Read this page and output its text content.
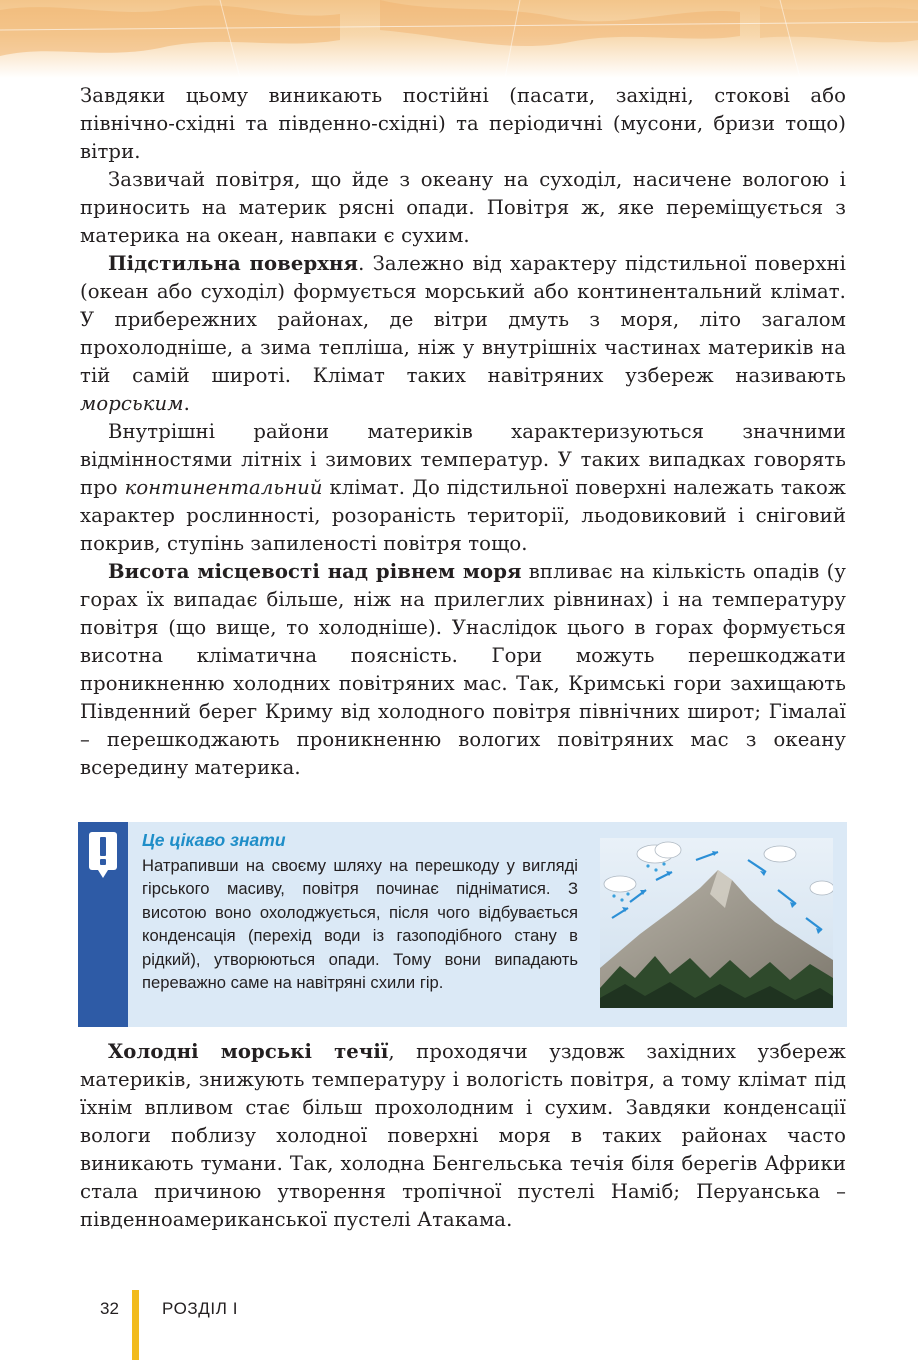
Завдяки цьому виникають постійні (пасати, західні, стокові або північно-східні та південно-східні) та періодичні (мусони, бризи тощо) вітри.

Зазвичай повітря, що йде з океану на суходіл, насичене вологою і приносить на материк рясні опади. Повітря ж, яке переміщується з материка на океан, навпаки є сухим.

Підстильна поверхня. Залежно від характеру підстильної поверхні (океан або суходіл) формується морський або континентальний клімат. У прибережних районах, де вітри дмуть з моря, літо загалом прохолодніше, а зима тепліша, ніж у внутрішніх частинах материків на тій самій широті. Клімат таких навітряних узбереж називають морським.

Внутрішні райони материків характеризуються значними відмінностями літніх і зимових температур. У таких випадках говорять про континентальний клімат. До підстильної поверхні належать також характер рослинності, розораність території, льодовиковий і сніговий покрив, ступінь запиленості повітря тощо.

Висота місцевості над рівнем моря впливає на кількість опадів (у горах їх випадає більше, ніж на прилеглих рівнинах) і на температуру повітря (що вище, то холодніше). Унаслідок цього в горах формується висотна кліматична поясність. Гори можуть перешкоджати проникненню холодних повітряних мас. Так, Кримські гори захищають Південний берег Криму від холодного повітря північних широт; Гімалаї – перешкоджають проникненню вологих повітряних мас з океану всередину материка.

Це цікаво знати
Натрапивши на своєму шляху на перешкоду у вигляді гірського масиву, повітря починає підніматися. З висотою воно охолоджується, після чого відбувається конденсація (перехід води із газоподібного стану в рідкий), утворюються опади. Тому вони випадають переважно саме на навітряні схили гір.

Холодні морські течії, проходячи уздовж західних узбереж материків, знижують температуру і вологість повітря, а тому клімат під їхнім впливом стає більш прохолодним і сухим. Завдяки конденсації вологи поблизу холодної поверхні моря в таких районах часто виникають тумани. Так, холодна Бенгельська течія біля берегів Африки стала причиною утворення тропічної пустелі Наміб; Перуанська – південноамериканської пустелі Атакама.

32	РОЗДІЛ І
